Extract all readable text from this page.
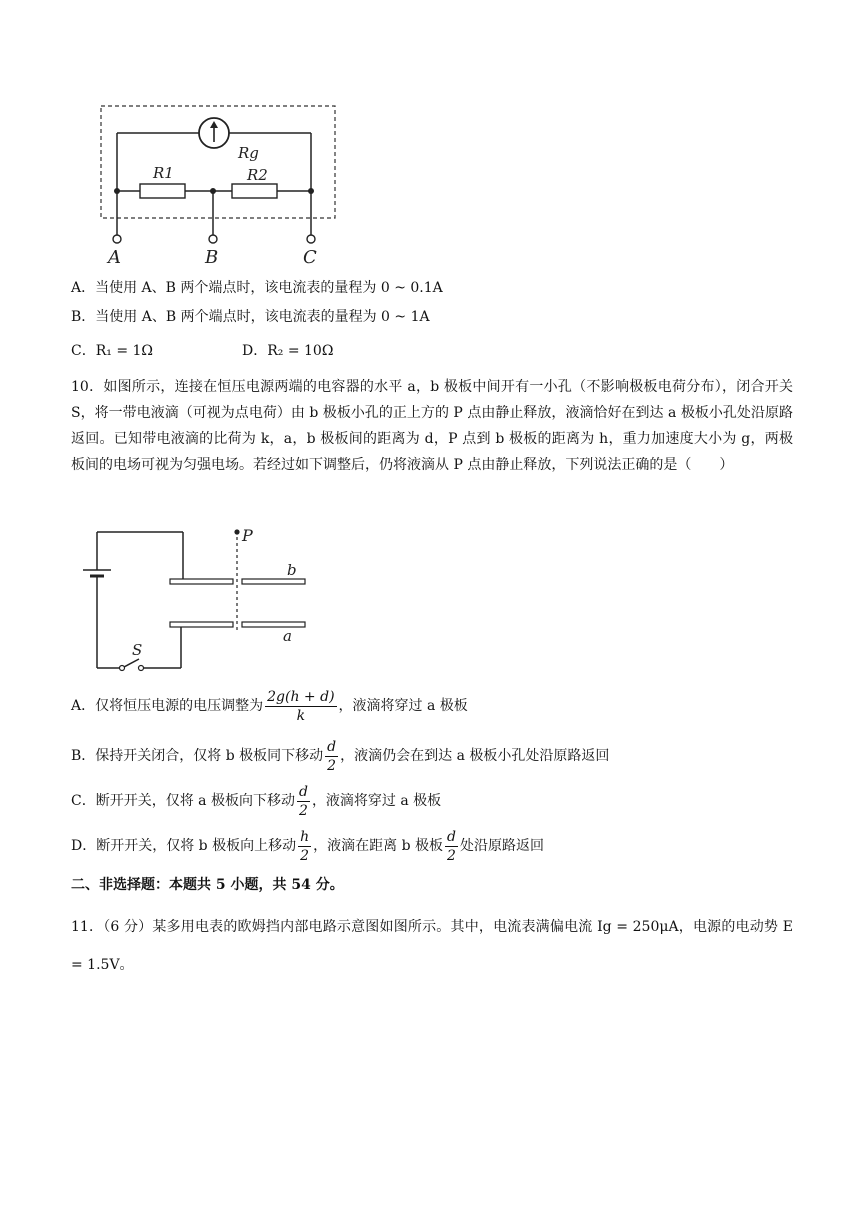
Rg
R1	R2
A	B	C
A．当使用 A、B 两个端点时，该电流表的量程为 0 ~ 0.1A
B．当使用 A、B 两个端点时，该电流表的量程为 0 ~ 1A
C．R₁ = 1Ω	D．R₂ = 10Ω
10．如图所示，连接在恒压电源两端的电容器的水平 a，b 极板中间开有一小孔（不影响极板电荷分布），闭合开关 S，将一带电液滴（可视为点电荷）由 b 极板小孔的正上方的 P 点由静止释放，液滴恰好在到达 a 极板小孔处沿原路返回。已知带电液滴的比荷为 k，a，b 极板间的距离为 d，P 点到 b 极板的距离为 h，重力加速度大小为 g，两极板间的电场可视为匀强电场。若经过如下调整后，仍将液滴从 P 点由静止释放，下列说法正确的是（　　）
P
b
a
S
A．仅将恒压电源的电压调整为 $\frac{2g(h + d)}{k}$ ，液滴将穿过 a 极板
B．保持开关闭合，仅将 b 极板同下移动 $\frac{d}{2}$ ，液滴仍会在到达 a 极板小孔处沿原路返回
C．断开开关，仅将 a 极板向下移动 $\frac{d}{2}$ ，液滴将穿过 a 极板
D．断开开关，仅将 b 极板向上移动 $\frac{h}{2}$ ，液滴在距离 b 极板 $\frac{d}{2}$ 处沿原路返回
二、非选择题：本题共 5 小题，共 54 分。
11．（6 分）某多用电表的欧姆挡内部电路示意图如图所示。其中，电流表满偏电流 Ig = 250μA，电源的电动势 E = 1.5V。
